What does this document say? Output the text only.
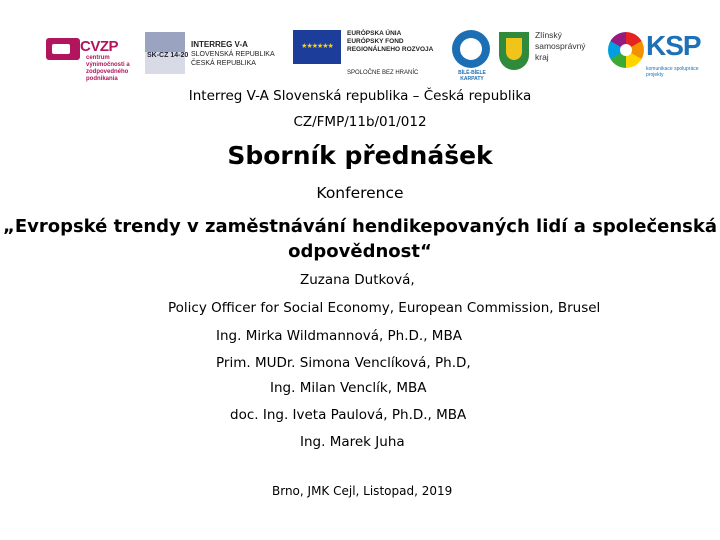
CVZP
centrum výnimočnosti a zodpovedného podnikania
SK-CZ 14-20
INTERREG V-A
SLOVENSKÁ REPUBLIKA
ČESKÁ REPUBLIKA
★★★★★★
EURÓPSKA ÚNIA
EURÓPSKY FOND
REGIONÁLNEHO ROZVOJA
SPOLOČNE BEZ HRANÍC	BÍLÉ-BÍELE KARPATY
Zlínský
samosprávný
kraj	KSP
komunikace spolupráce projekty
Interreg V-A Slovenská republika – Česká republika
CZ/FMP/11b/01/012
Sborník přednášek
Konference
„Evropské trendy v zaměstnávání hendikepovaných lidí a společenská odpovědnost“
Zuzana Dutková,
Policy Officer for Social Economy, European Commission, Brusel
Ing. Mirka Wildmannová, Ph.D., MBA
Prim. MUDr. Simona Venclíková, Ph.D,
Ing. Milan Venclík, MBA
doc. Ing. Iveta Paulová, Ph.D., MBA
Ing. Marek Juha
Brno, JMK Cejl, Listopad, 2019
